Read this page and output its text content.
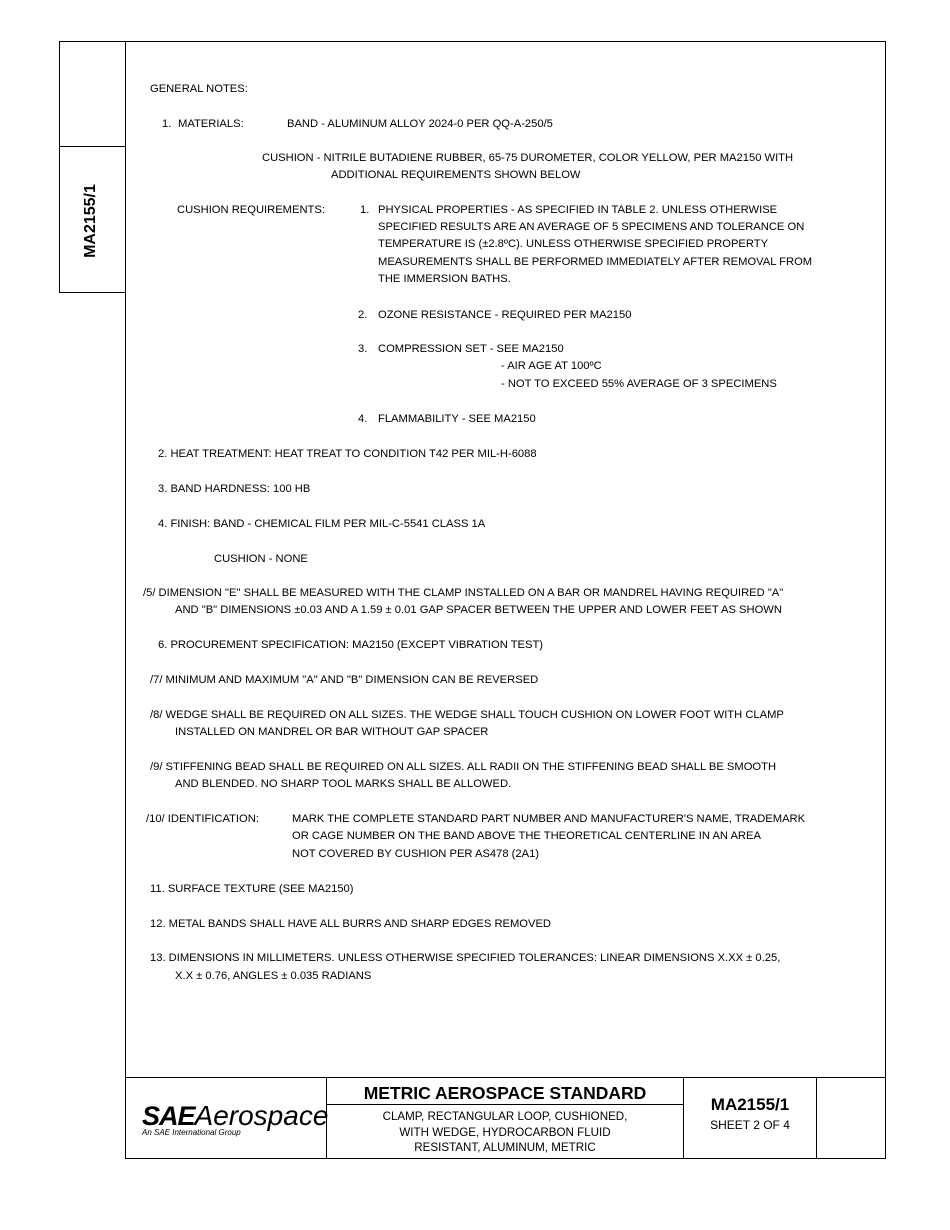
MA2155/1
GENERAL NOTES:
1. MATERIALS:	BAND - ALUMINUM ALLOY 2024-0 PER QQ-A-250/5
CUSHION - NITRILE BUTADIENE RUBBER, 65-75 DUROMETER, COLOR YELLOW, PER MA2150 WITH
ADDITIONAL REQUIREMENTS SHOWN BELOW
CUSHION REQUIREMENTS:	1. PHYSICAL PROPERTIES - AS SPECIFIED IN TABLE 2. UNLESS OTHERWISE
SPECIFIED RESULTS ARE AN AVERAGE OF 5 SPECIMENS AND TOLERANCE ON
TEMPERATURE IS (±2.8ºC). UNLESS OTHERWISE SPECIFIED PROPERTY
MEASUREMENTS SHALL BE PERFORMED IMMEDIATELY AFTER REMOVAL FROM
THE IMMERSION BATHS.
2. OZONE RESISTANCE - REQUIRED PER MA2150
3. COMPRESSION SET - SEE MA2150
- AIR AGE AT 100ºC
- NOT TO EXCEED 55% AVERAGE OF 3 SPECIMENS
4. FLAMMABILITY - SEE MA2150
2. HEAT TREATMENT: HEAT TREAT TO CONDITION T42 PER MIL-H-6088
3. BAND HARDNESS: 100 HB
4. FINISH: BAND - CHEMICAL FILM PER MIL-C-5541 CLASS 1A
CUSHION - NONE
/5/ DIMENSION "E" SHALL BE MEASURED WITH THE CLAMP INSTALLED ON A BAR OR MANDREL HAVING REQUIRED "A"
AND "B" DIMENSIONS ±0.03 AND A 1.59 ± 0.01 GAP SPACER BETWEEN THE UPPER AND LOWER FEET AS SHOWN
6. PROCUREMENT SPECIFICATION: MA2150 (EXCEPT VIBRATION TEST)
/7/ MINIMUM AND MAXIMUM "A" AND "B" DIMENSION CAN BE REVERSED
/8/ WEDGE SHALL BE REQUIRED ON ALL SIZES. THE WEDGE SHALL TOUCH CUSHION ON LOWER FOOT WITH CLAMP
INSTALLED ON MANDREL OR BAR WITHOUT GAP SPACER
/9/ STIFFENING BEAD SHALL BE REQUIRED ON ALL SIZES. ALL RADII ON THE STIFFENING BEAD SHALL BE SMOOTH
AND BLENDED. NO SHARP TOOL MARKS SHALL BE ALLOWED.
/10/ IDENTIFICATION:	MARK THE COMPLETE STANDARD PART NUMBER AND MANUFACTURER'S NAME, TRADEMARK
OR CAGE NUMBER ON THE BAND ABOVE THE THEORETICAL CENTERLINE IN AN AREA
NOT COVERED BY CUSHION PER AS478 (2A1)
11. SURFACE TEXTURE (SEE MA2150)
12. METAL BANDS SHALL HAVE ALL BURRS AND SHARP EDGES REMOVED
13. DIMENSIONS IN MILLIMETERS. UNLESS OTHERWISE SPECIFIED TOLERANCES: LINEAR DIMENSIONS X.XX ± 0.25,
X.X ± 0.76, ANGLES ± 0.035 RADIANS
SAEAerospace
An SAE International Group
METRIC AEROSPACE STANDARD
CLAMP, RECTANGULAR LOOP, CUSHIONED,
WITH WEDGE, HYDROCARBON FLUID
RESISTANT, ALUMINUM, METRIC
MA2155/1
SHEET 2 OF 4
